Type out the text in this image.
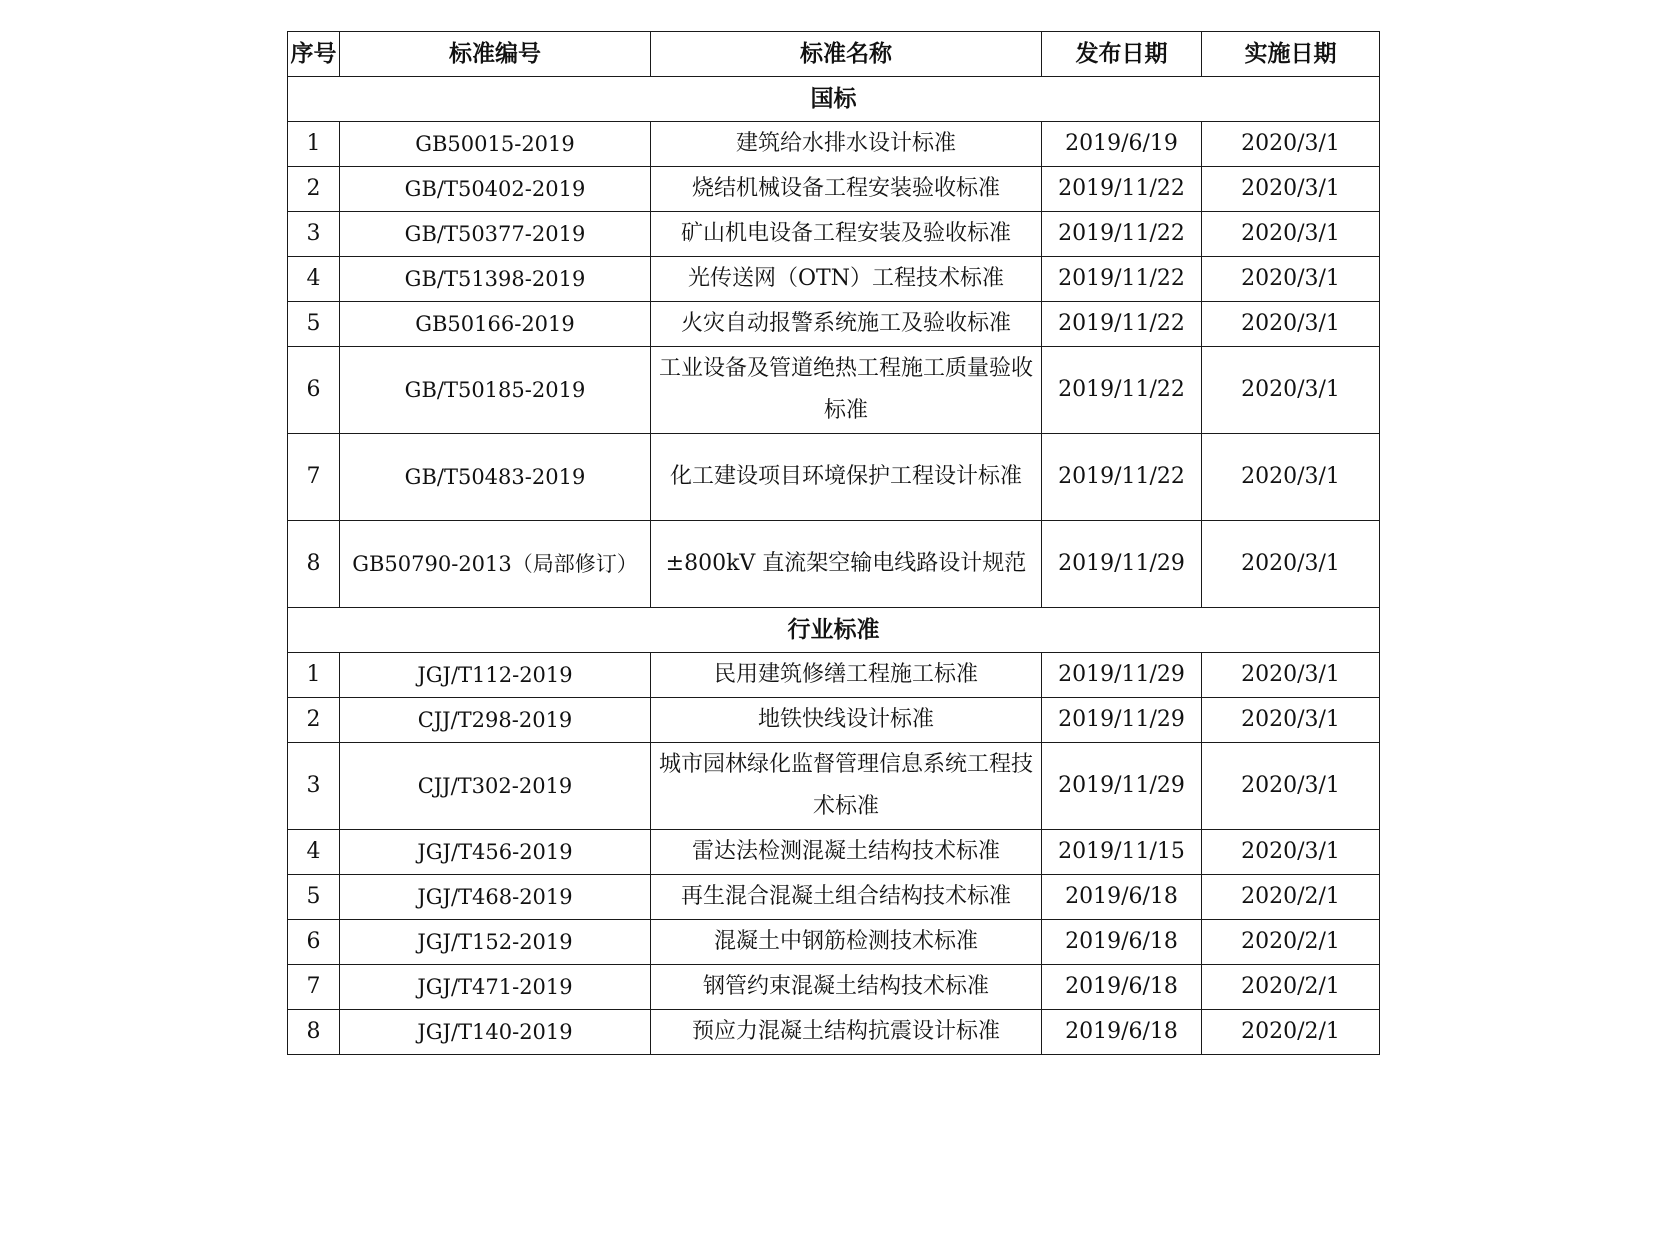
序号	标准编号	标准名称	发布日期	实施日期
国标				
1	GB50015-2019	建筑给水排水设计标准	2019/6/19	2020/3/1
2	GB/T50402-2019	烧结机械设备工程安装验收标准	2019/11/22	2020/3/1
3	GB/T50377-2019	矿山机电设备工程安装及验收标准	2019/11/22	2020/3/1
4	GB/T51398-2019	光传送网（OTN）工程技术标准	2019/11/22	2020/3/1
5	GB50166-2019	火灾自动报警系统施工及验收标准	2019/11/22	2020/3/1
6	GB/T50185-2019	工业设备及管道绝热工程施工质量验收标准	2019/11/22	2020/3/1
7	GB/T50483-2019	化工建设项目环境保护工程设计标准	2019/11/22	2020/3/1
8	GB50790-2013（局部修订）	±800kV 直流架空输电线路设计规范	2019/11/29	2020/3/1
行业标准				
1	JGJ/T112-2019	民用建筑修缮工程施工标准	2019/11/29	2020/3/1
2	CJJ/T298-2019	地铁快线设计标准	2019/11/29	2020/3/1
3	CJJ/T302-2019	城市园林绿化监督管理信息系统工程技术标准	2019/11/29	2020/3/1
4	JGJ/T456-2019	雷达法检测混凝土结构技术标准	2019/11/15	2020/3/1
5	JGJ/T468-2019	再生混合混凝土组合结构技术标准	2019/6/18	2020/2/1
6	JGJ/T152-2019	混凝土中钢筋检测技术标准	2019/6/18	2020/2/1
7	JGJ/T471-2019	钢管约束混凝土结构技术标准	2019/6/18	2020/2/1
8	JGJ/T140-2019	预应力混凝土结构抗震设计标准	2019/6/18	2020/2/1
